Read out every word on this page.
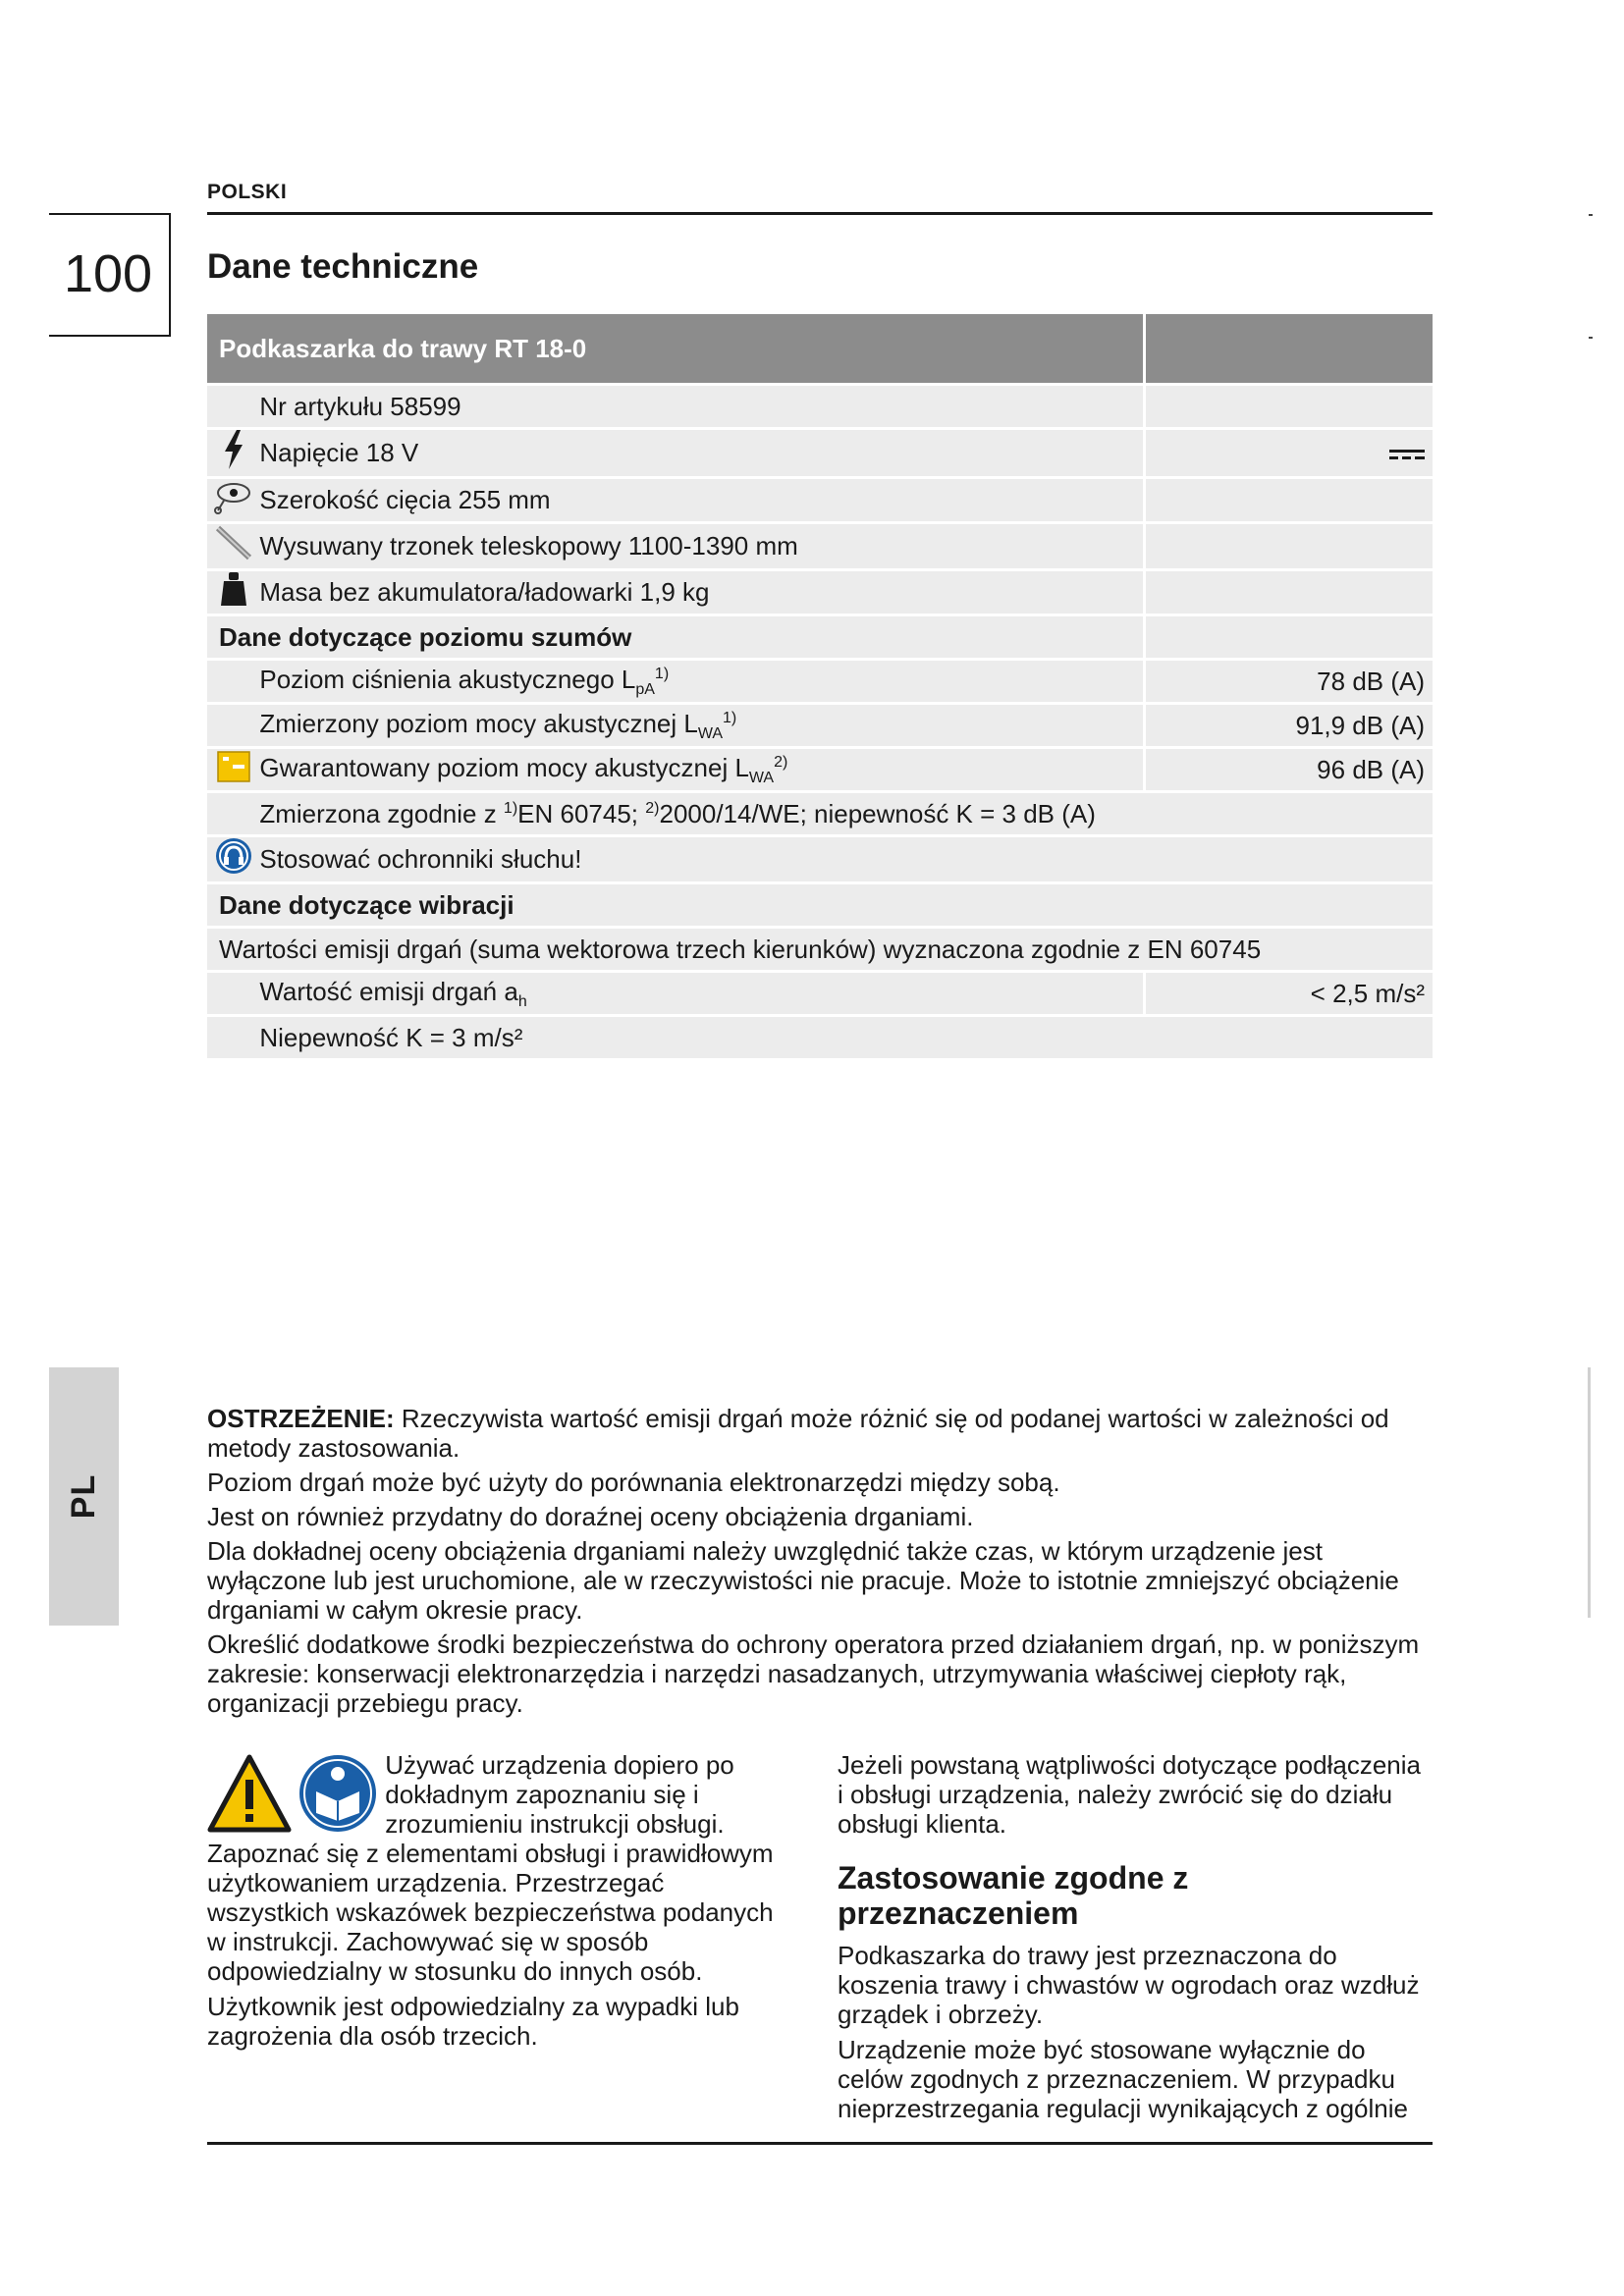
POLSKI
100	Dane techniczne
Podkaszarka do trawy RT 18-0		
	Nr artykułu 58599	
	Napięcie 18 V	
	Szerokość cięcia 255 mm	
	Wysuwany trzonek teleskopowy 1100-1390 mm	
	Masa bez akumulatora/ładowarki 1,9 kg	
Dane dotyczące poziomu szumów		
	Poziom ciśnienia akustycznego $L_{pA}^{1)}$	78 dB (A)
	Zmierzony poziom mocy akustycznej $L_{WA}^{1)}$	91,9 dB (A)
	Gwarantowany poziom mocy akustycznej $L_{WA}^{2)}$	96 dB (A)
	Zmierzona zgodnie z $^{1)}$EN 60745; $^{2)}$2000/14/WE; niepewność K = 3 dB (A)	
	Stosować ochronniki słuchu!	
Dane dotyczące wibracji		
Wartości emisji drgań (suma wektorowa trzech kierunków) wyznaczona zgodnie z EN 60745		
	Wartość emisji drgań $a_h$	< 2,5 m/s²
	Niepewność K = 3 m/s²	
PL

OSTRZEŻENIE: Rzeczywista wartość emisji drgań może różnić się od podanej wartości w zależności od metody zastosowania.

Poziom drgań może być użyty do porównania elektronarzędzi między sobą.

Jest on również przydatny do doraźnej oceny obciążenia drganiami.

Dla dokładnej oceny obciążenia drganiami należy uwzględnić także czas, w którym urządzenie jest wyłączone lub jest uruchomione, ale w rzeczywistości nie pracuje. Może to istotnie zmniejszyć obciążenie drganiami w całym okresie pracy.

Określić dodatkowe środki bezpieczeństwa do ochrony operatora przed działaniem drgań, np. w poniższym zakresie: konserwacji elektronarzędzia i narzędzi nasadzanych, utrzymywania właściwej ciepłoty rąk, organizacji przebiegu pracy.

Używać urządzenia dopiero po dokładnym zapoznaniu się i zrozumieniu instrukcji obsługi. Zapoznać się z elementami obsługi i prawidłowym użytkowaniem urządzenia. Przestrzegać wszystkich wskazówek bezpieczeństwa podanych w instrukcji. Zachowywać się w sposób odpowiedzialny w stosunku do innych osób.

Użytkownik jest odpowiedzialny za wypadki lub zagrożenia dla osób trzecich.

Jeżeli powstaną wątpliwości dotyczące podłączenia i obsługi urządzenia, należy zwrócić się do działu obsługi klienta.

Zastosowanie zgodne z przeznaczeniem

Podkaszarka do trawy jest przeznaczona do koszenia trawy i chwastów w ogrodach oraz wzdłuż grządek i obrzeży.

Urządzenie może być stosowane wyłącznie do celów zgodnych z przeznaczeniem. W przypadku nieprzestrzegania regulacji wynikających z ogólnie
